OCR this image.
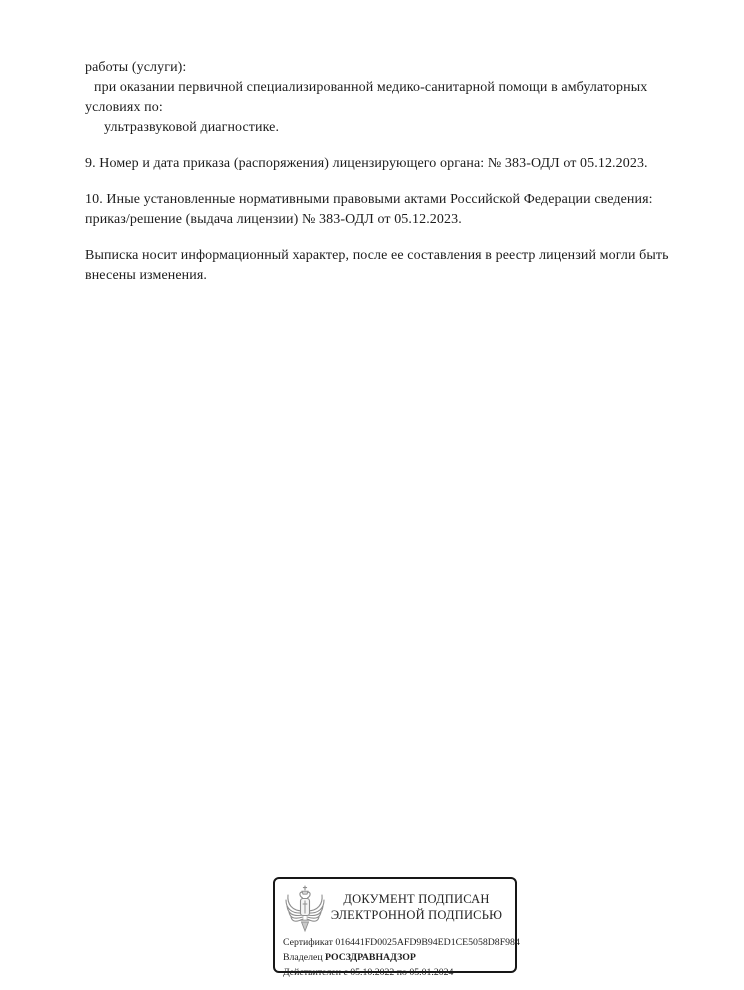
работы (услуги):
при оказании первичной специализированной медико-санитарной помощи в амбулаторных
условиях по:
ультразвуковой диагностике.
9. Номер и дата приказа (распоряжения) лицензирующего органа: № 383-ОДЛ от 05.12.2023.
10. Иные установленные нормативными правовыми актами Российской Федерации сведения:
приказ/решение (выдача лицензии) № 383-ОДЛ от 05.12.2023.
Выписка носит информационный характер, после ее составления в реестр лицензий могли быть
внесены изменения.
ДОКУМЕНТ ПОДПИСАН
ЭЛЕКТРОННОЙ ПОДПИСЬЮ
Сертификат 016441FD0025AFD9B94ED1CE5058D8F984
Владелец РОСЗДРАВНАДЗОР
Действителен с 05.10.2022 по 05.01.2024
